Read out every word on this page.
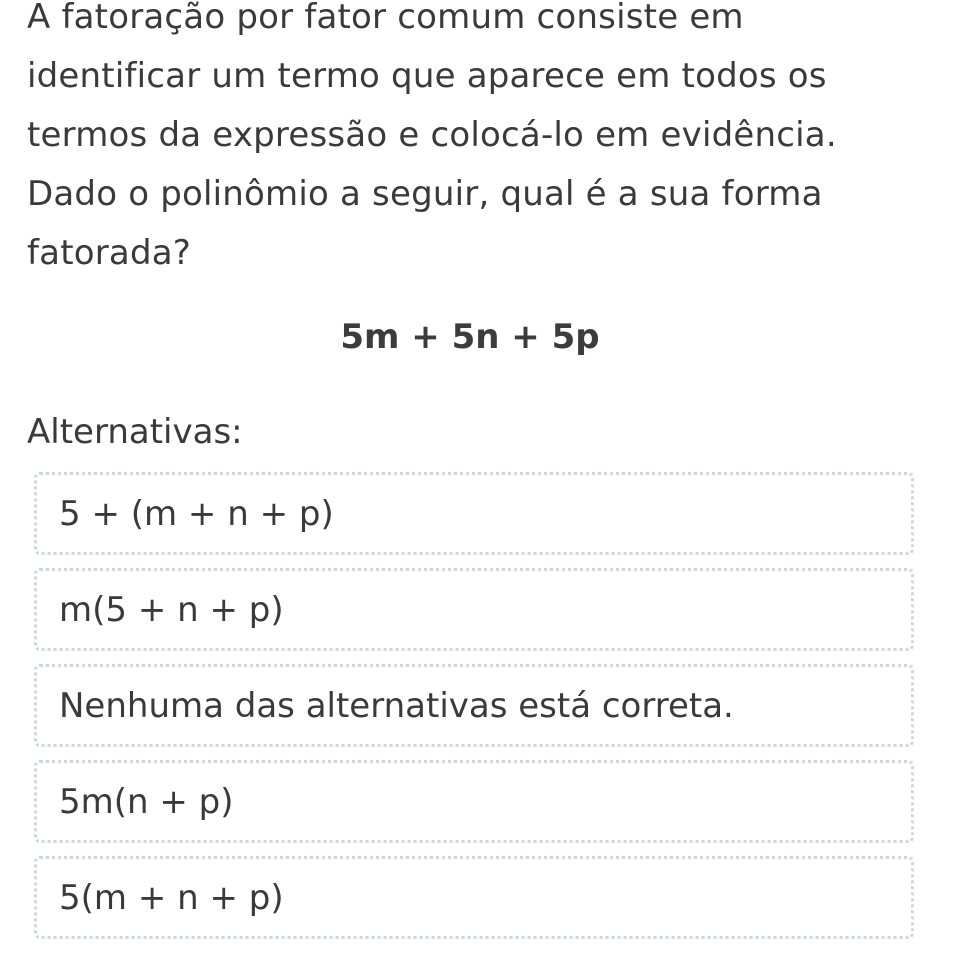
A fatoração por fator comum consiste em identificar um termo que aparece em todos os termos da expressão e colocá-lo em evidência. Dado o polinômio a seguir, qual é a sua forma fatorada?

5m + 5n + 5p
Alternativas:
5 + (m + n + p)
m(5 + n + p)
Nenhuma das alternativas está correta.
5m(n + p)
5(m + n + p)
